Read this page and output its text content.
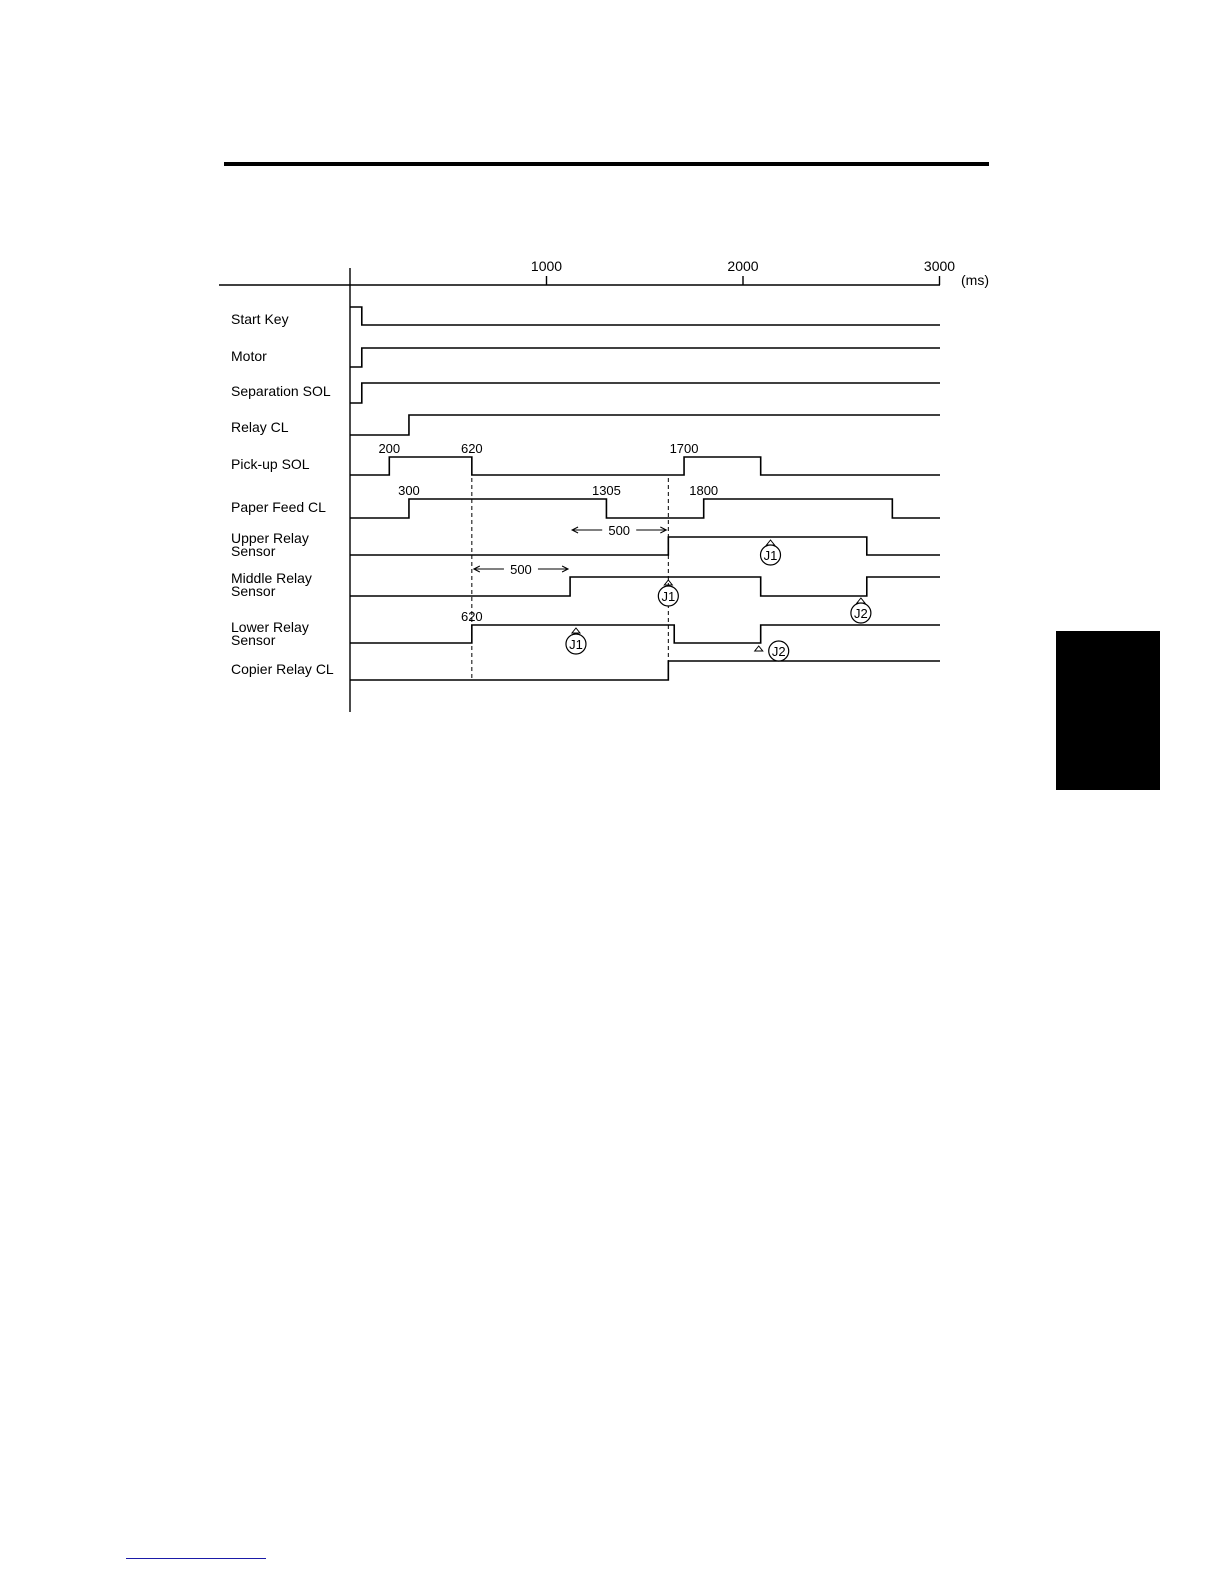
(ms)
1000	2000	3000
Start Key
Motor
Separation SOL
Relay CL
Pick-up SOL
Paper Feed CL
Upper Relay
Sensor
Middle Relay
Sensor
Lower Relay
Sensor
Copier Relay CL
200	620	1700
300	1305	1800
620
500
500
J1
J1
J2
J1	J2
